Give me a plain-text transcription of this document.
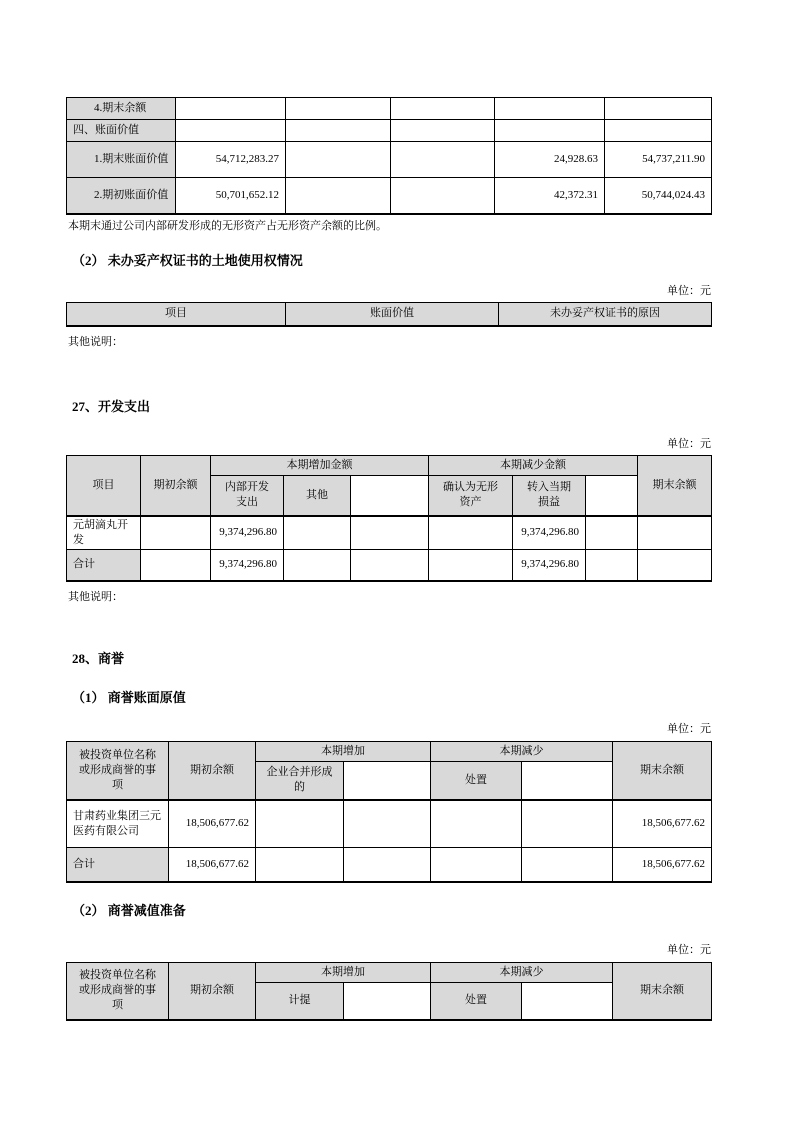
4.期末余额					
四、账面价值					
1.期末账面价值	54,712,283.27			24,928.63	54,737,211.90
2.期初账面价值	50,701,652.12			42,372.31	50,744,024.43
本期末通过公司内部研发形成的无形资产占无形资产余额的比例。
（2） 未办妥产权证书的土地使用权情况
单位：元
项目	账面价值	未办妥产权证书的原因
其他说明：
27、开发支出
单位：元
项目	期初余额	本期增加金额			本期减少金额			期末余额
		内部开发支出	其他		确认为无形资产	转入当期损益		
元胡滴丸开发		9,374,296.80				9,374,296.80		
合计		9,374,296.80				9,374,296.80		
其他说明：
28、商誉
（1） 商誉账面原值
单位：元
被投资单位名称或形成商誉的事项	期初余额	本期增加		本期减少		期末余额
		企业合并形成的		处置		
甘肃药业集团三元医药有限公司	18,506,677.62					18,506,677.62
合计	18,506,677.62					18,506,677.62
（2） 商誉减值准备
单位：元
被投资单位名称或形成商誉的事项	期初余额	本期增加		本期减少		期末余额
		计提		处置		
